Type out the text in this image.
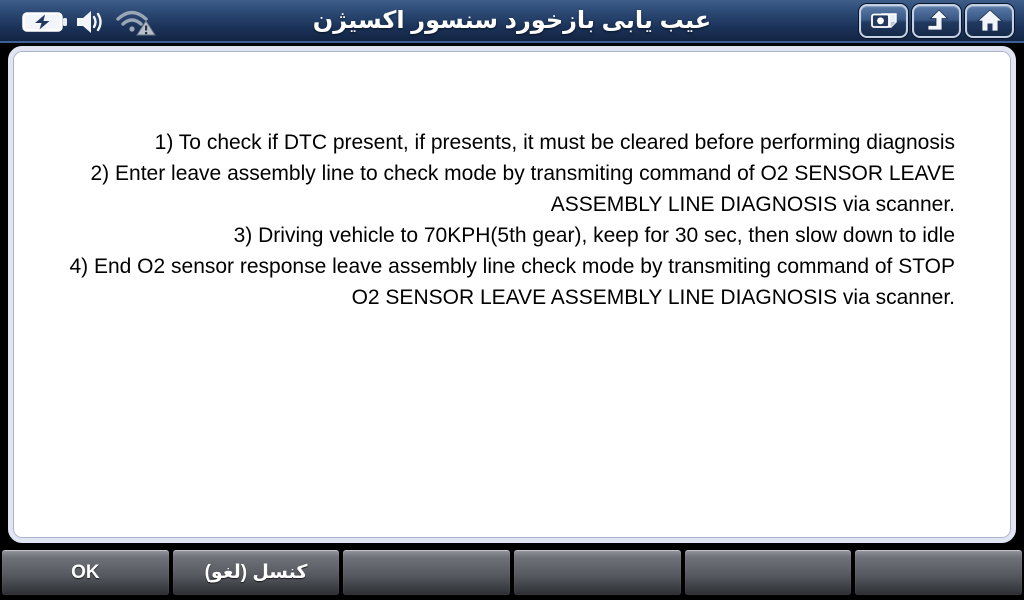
عیب یابی بازخورد سنسور اکسیژن

1) To check if DTC present, if presents, it must be cleared before performing diagnosis

2) Enter leave assembly line to check mode by transmiting command of O2 SENSOR LEAVE ASSEMBLY LINE DIAGNOSIS via scanner.

3) Driving vehicle to 70KPH(5th gear), keep for 30 sec, then slow down to idle

4) End O2 sensor response leave assembly line check mode by transmiting command of STOP O2 SENSOR LEAVE ASSEMBLY LINE DIAGNOSIS via scanner.

OK	کنسل (لغو)
